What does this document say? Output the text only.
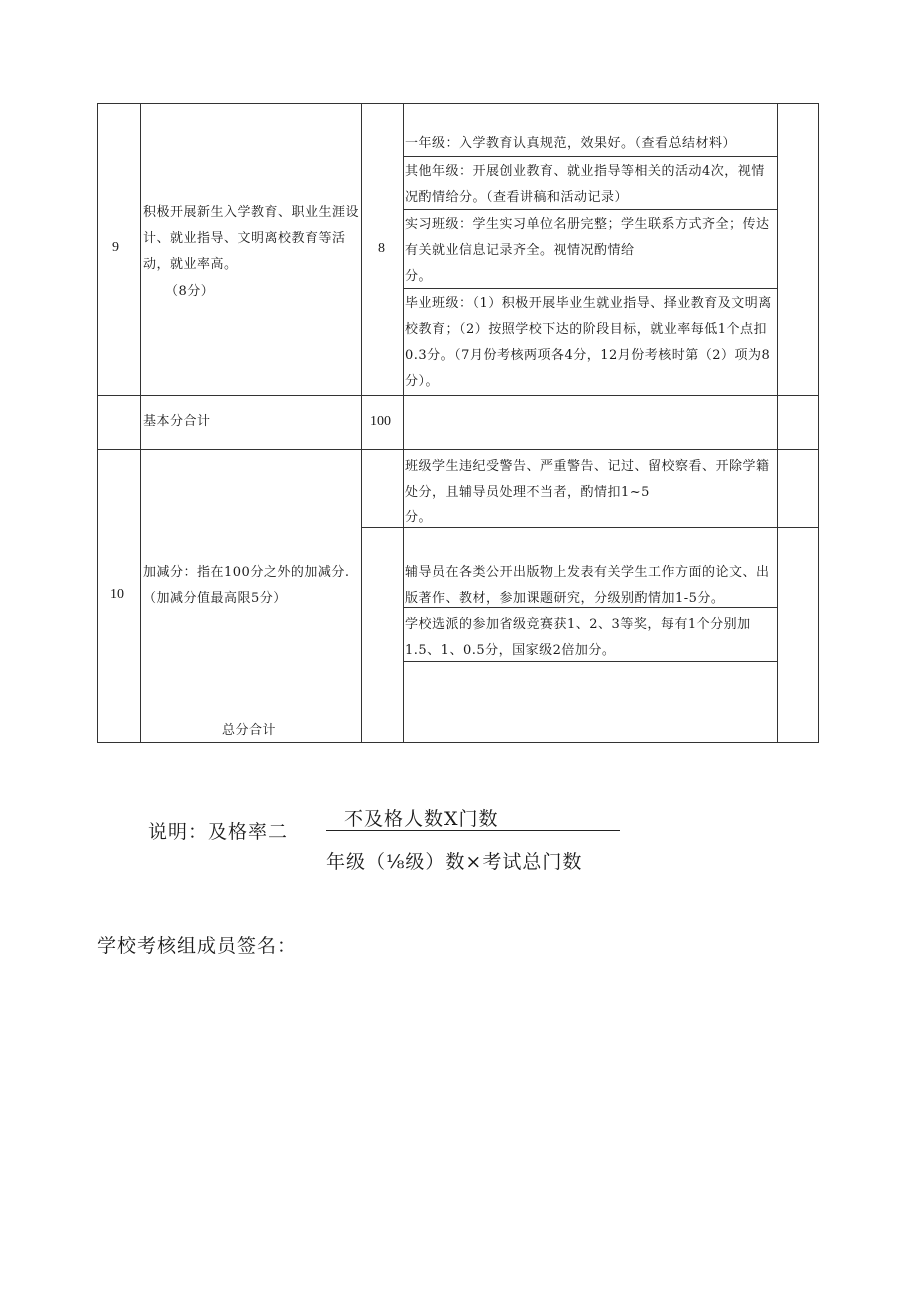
9
积极开展新生入学教育、职业生涯设计、就业指导、文明离校教育等活动，就业率高。
（8分）
8
一年级：入学教育认真规范，效果好。（查看总结材料）
其他年级：开展创业教育、就业指导等相关的活动4次，视情况酌情给分。（查看讲稿和活动记录）
实习班级：学生实习单位名册完整；学生联系方式齐全；传达有关就业信息记录齐全。视情况酌情给
分。
毕业班级：（1）积极开展毕业生就业指导、择业教育及文明离校教育；（2）按照学校下达的阶段目标，就业率每低1个点扣0.3分。（7月份考核两项各4分，12月份考核时第（2）项为8分）。
基本分合计	100
10
加减分：指在100分之外的加减分.（加减分值最高限5分）
班级学生违纪受警告、严重警告、记过、留校察看、开除学籍处分，且辅导员处理不当者，酌情扣1~5
分。
辅导员在各类公开出版物上发表有关学生工作方面的论文、出版著作、教材，参加课题研究，分级别酌情加1-5分。
学校选派的参加省级竞赛获1、2、3等奖，每有1个分别加1.5、1、0.5分，国家级2倍加分。
总分合计
说明：及格率二
不及格人数X门数
年级（⅛级）数×考试总门数
学校考核组成员签名：
